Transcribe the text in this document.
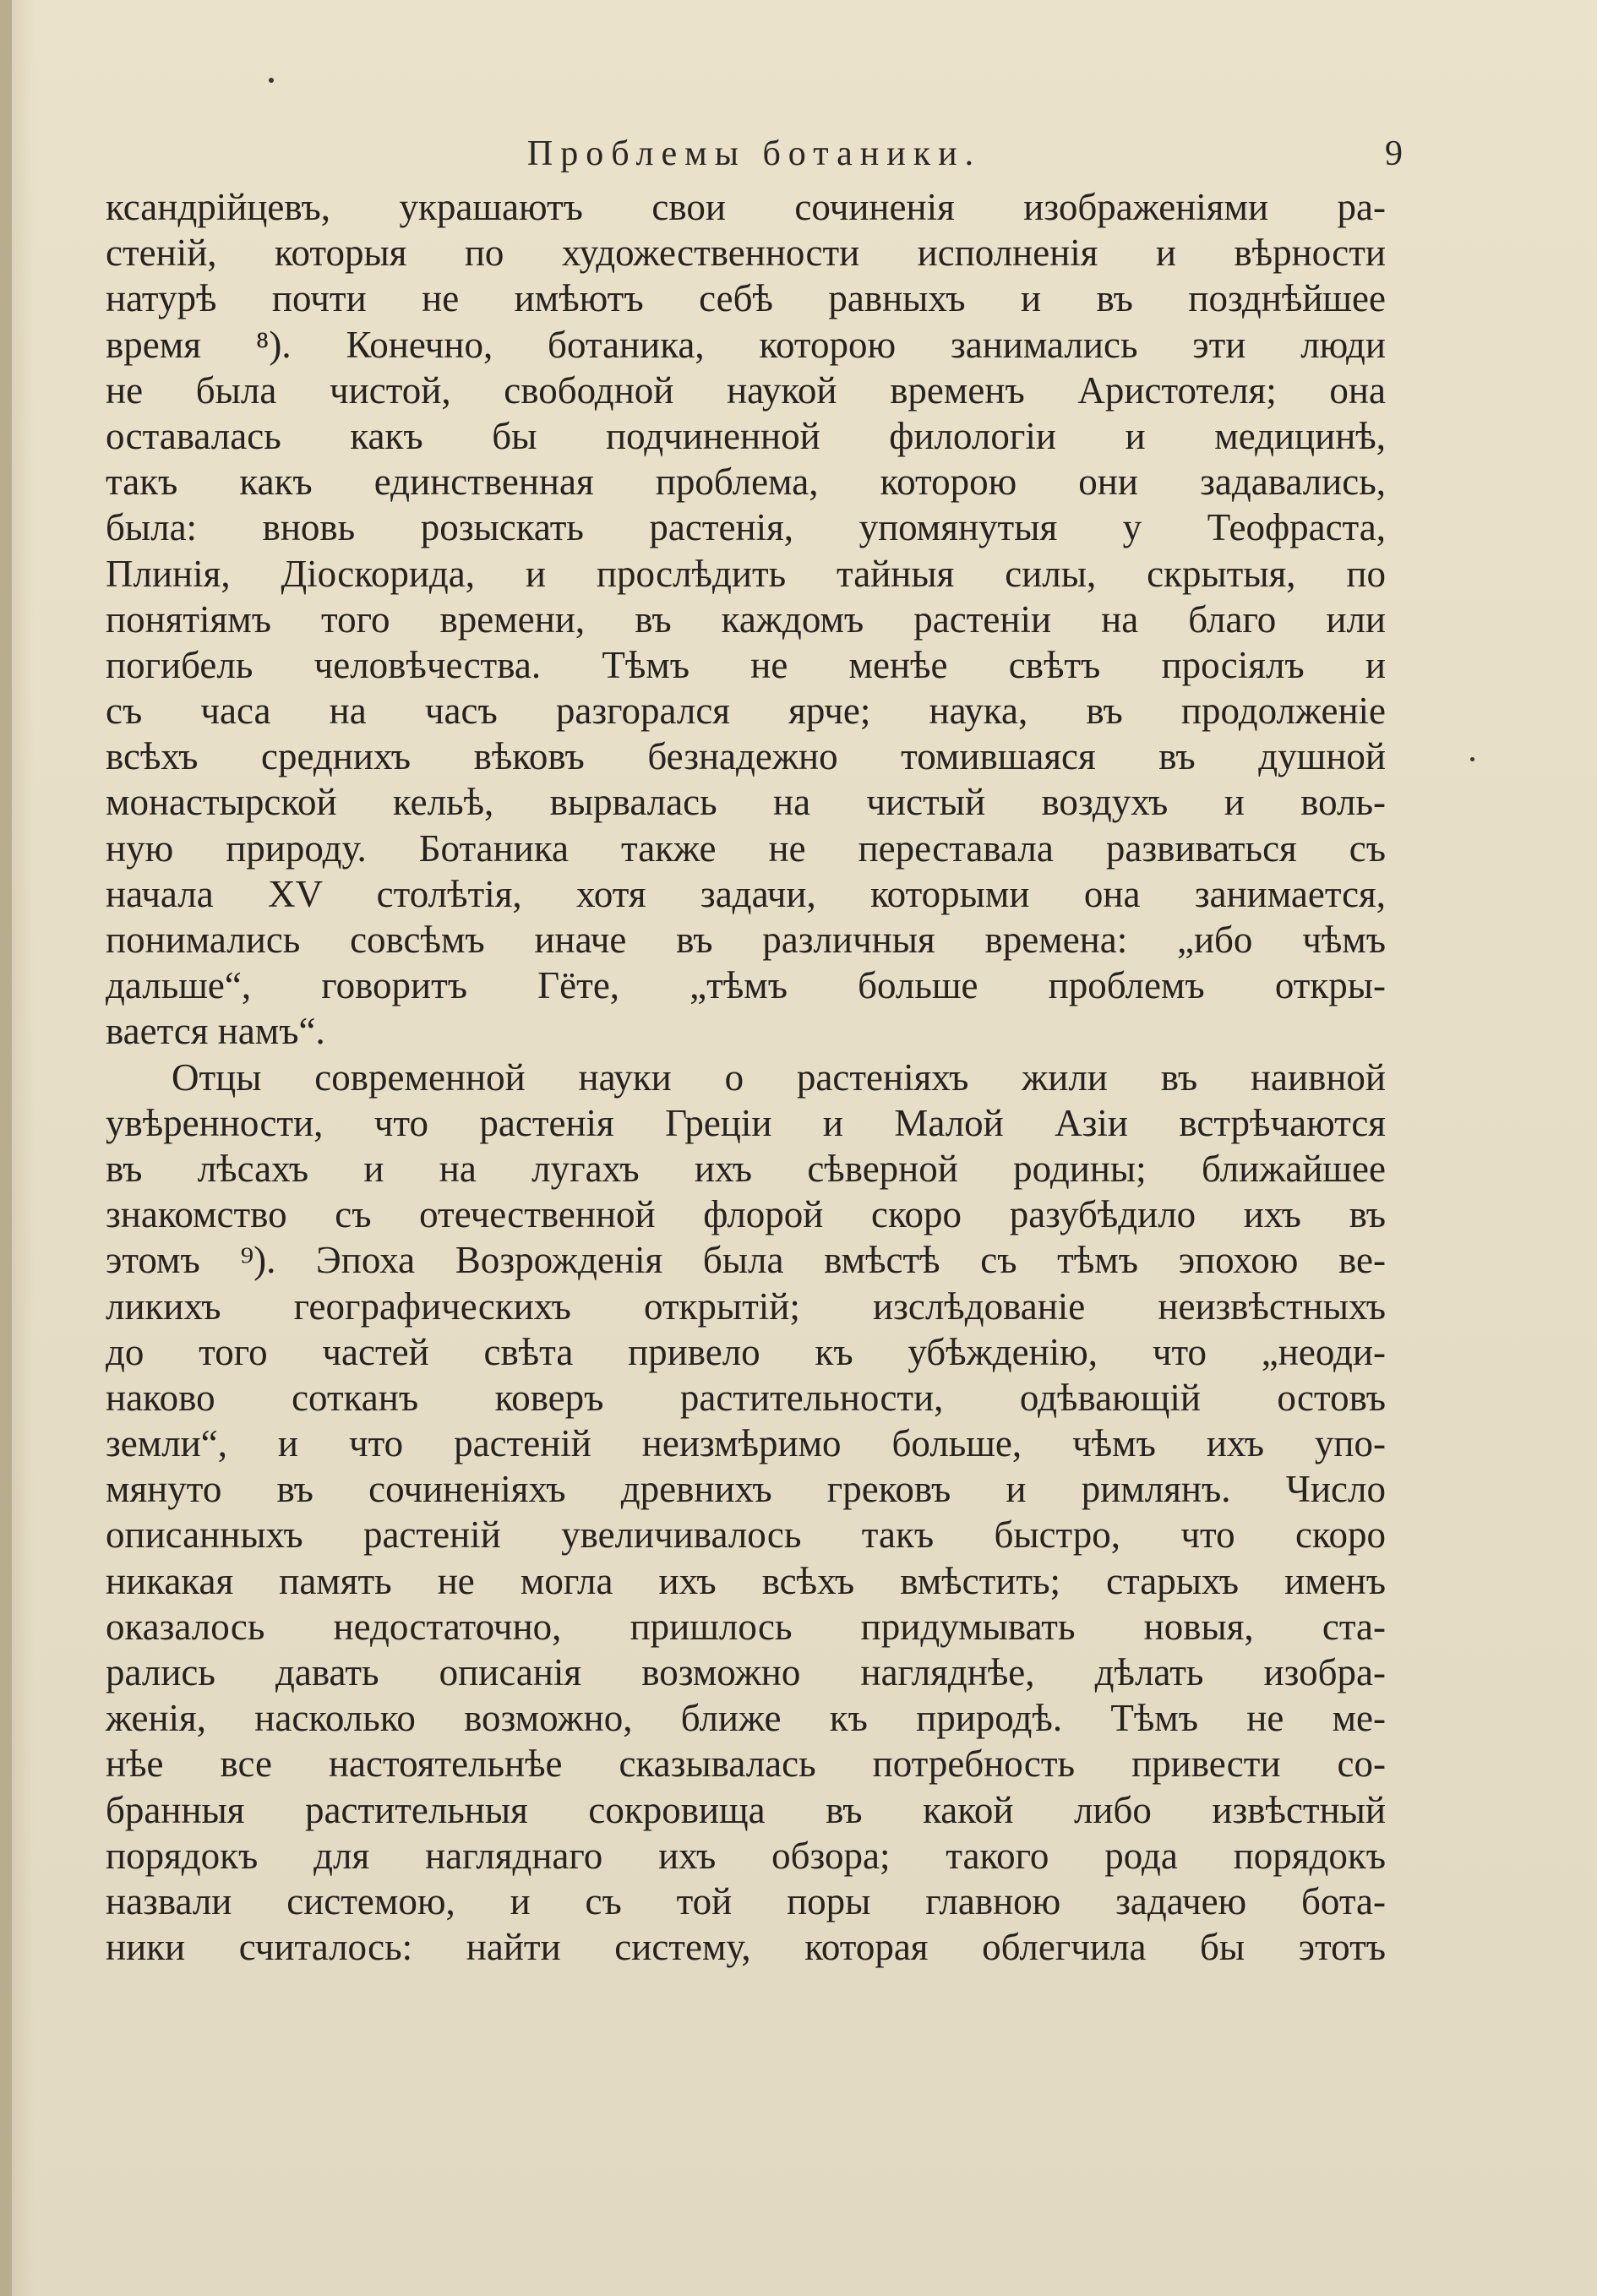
Проблемы ботаники.	9
ксандрійцевъ, украшаютъ свои сочиненія изображеніями ра-
стеній, которыя по художественности исполненія и вѣрности
натурѣ почти не имѣютъ себѣ равныхъ и въ позднѣйшее
время ⁸). Конечно, ботаника, которою занимались эти люди
не была чистой, свободной наукой временъ Аристотеля; она
оставалась какъ бы подчиненной филологіи и медицинѣ,
такъ какъ единственная проблема, которою они задавались,
была: вновь розыскать растенія, упомянутыя у Теофраста,
Плинія, Діоскорида, и прослѣдить тайныя силы, скрытыя, по
понятіямъ того времени, въ каждомъ растеніи на благо или
погибель человѣчества. Тѣмъ не менѣе свѣтъ просіялъ и
съ часа на часъ разгорался ярче; наука, въ продолженіе
всѣхъ среднихъ вѣковъ безнадежно томившаяся въ душной
монастырской кельѣ, вырвалась на чистый воздухъ и воль-
ную природу. Ботаника также не переставала развиваться съ
начала XV столѣтія, хотя задачи, которыми она занимается,
понимались совсѣмъ иначе въ различныя времена: „ибо чѣмъ
дальше“, говоритъ Гёте, „тѣмъ больше проблемъ откры-
вается намъ“.
Отцы современной науки о растеніяхъ жили въ наивной
увѣренности, что растенія Греціи и Малой Азіи встрѣчаются
въ лѣсахъ и на лугахъ ихъ сѣверной родины; ближайшее
знакомство съ отечественной флорой скоро разубѣдило ихъ въ
этомъ ⁹). Эпоха Возрожденія была вмѣстѣ съ тѣмъ эпохою ве-
ликихъ географическихъ открытій; изслѣдованіе неизвѣстныхъ
до того частей свѣта привело къ убѣжденію, что „неоди-
наково сотканъ коверъ растительности, одѣвающій остовъ
земли“, и что растеній неизмѣримо больше, чѣмъ ихъ упо-
мянуто въ сочиненіяхъ древнихъ грековъ и римлянъ. Число
описанныхъ растеній увеличивалось такъ быстро, что скоро
никакая память не могла ихъ всѣхъ вмѣстить; старыхъ именъ
оказалось недостаточно, пришлось придумывать новыя, ста-
рались давать описанія возможно нагляднѣе, дѣлать изобра-
женія, насколько возможно, ближе къ природѣ. Тѣмъ не ме-
нѣе все настоятельнѣе сказывалась потребность привести со-
бранныя растительныя сокровища въ какой либо извѣстный
порядокъ для нагляднаго ихъ обзора; такого рода порядокъ
назвали системою, и съ той поры главною задачею бота-
ники считалось: найти систему, которая облегчила бы этотъ
